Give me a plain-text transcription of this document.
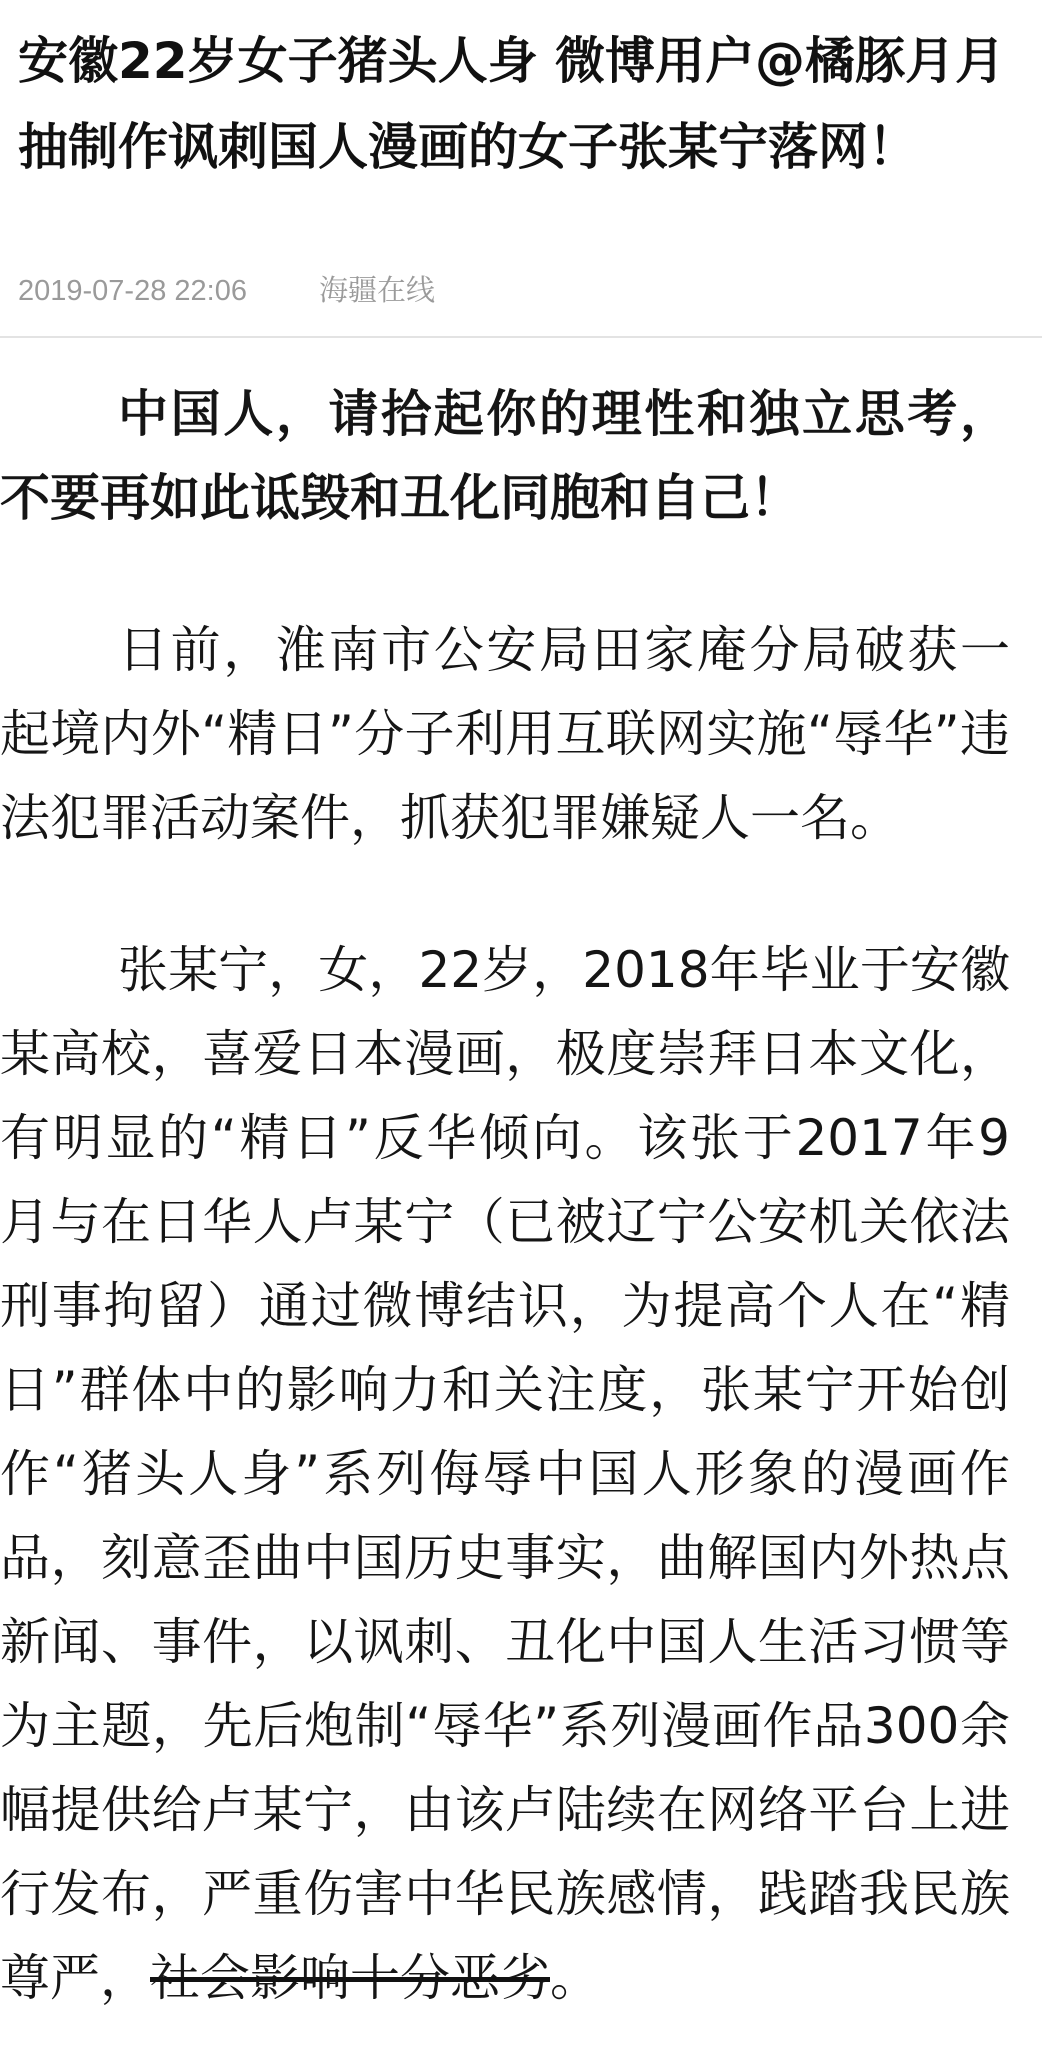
安徽22岁女子猪头人身 微博用户@橘豚月月抽制作讽刺国人漫画的女子张某宁落网！
2019-07-28 22:06 海疆在线

中国人，请拾起你的理性和独立思考，不要再如此诋毁和丑化同胞和自己！

日前，淮南市公安局田家庵分局破获一起境内外“精日”分子利用互联网实施“辱华”违法犯罪活动案件，抓获犯罪嫌疑人一名。

张某宁，女，22岁，2018年毕业于安徽某高校，喜爱日本漫画，极度崇拜日本文化，有明显的“精日”反华倾向。该张于2017年9月与在日华人卢某宁（已被辽宁公安机关依法刑事拘留）通过微博结识，为提高个人在“精日”群体中的影响力和关注度，张某宁开始创作“猪头人身”系列侮辱中国人形象的漫画作品，刻意歪曲中国历史事实，曲解国内外热点新闻、事件，以讽刺、丑化中国人生活习惯等为主题，先后炮制“辱华”系列漫画作品300余幅提供给卢某宁，由该卢陆续在网络平台上进行发布，严重伤害中华民族感情，践踏我民族尊严，社会影响十分恶劣。
